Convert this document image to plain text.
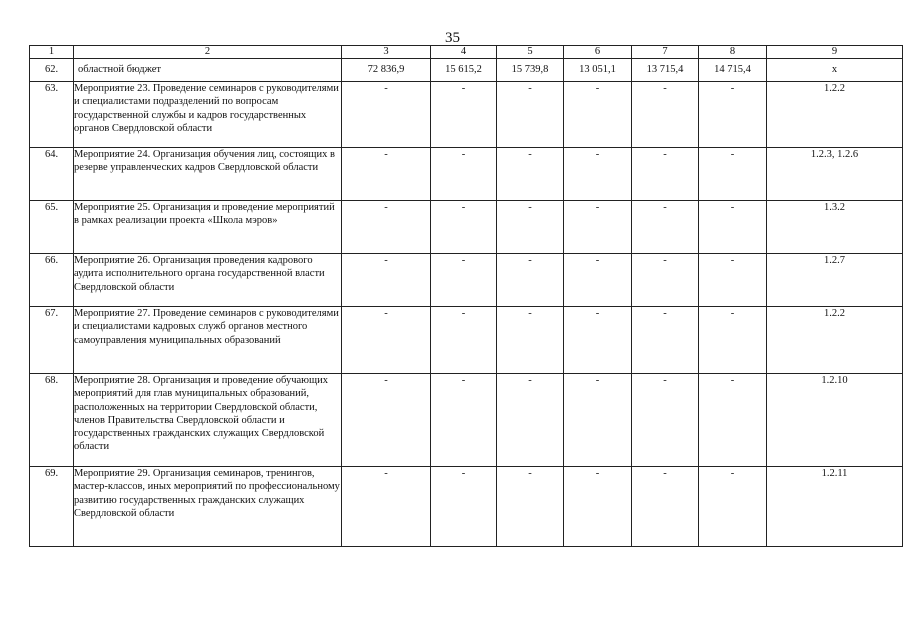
35
1	2	3	4	5	6	7	8	9
62.	областной бюджет	72 836,9	15 615,2	15 739,8	13 051,1	13 715,4	14 715,4	x
63.	Мероприятие 23. Проведение семинаров с руководителями и специалистами подразделений по вопросам государственной службы и кадров государственных органов Свердловской области	-	-	-	-	-	-	1.2.2
64.	Мероприятие 24. Организация обучения лиц, состоящих в резерве управленческих кадров Свердловской области	-	-	-	-	-	-	1.2.3, 1.2.6
65.	Мероприятие 25. Организация и проведение мероприятий в рамках реализации проекта «Школа мэров»	-	-	-	-	-	-	1.3.2
66.	Мероприятие 26. Организация проведения кадрового аудита исполнительного органа государственной власти Свердловской области	-	-	-	-	-	-	1.2.7
67.	Мероприятие 27. Проведение семинаров с руководителями и специалистами кадровых служб органов местного самоуправления муниципальных образований	-	-	-	-	-	-	1.2.2
68.	Мероприятие 28. Организация и проведение обучающих мероприятий для глав муниципальных образований, расположенных на территории Свердловской области, членов Правительства Свердловской области и государственных гражданских служащих Свердловской области	-	-	-	-	-	-	1.2.10
69.	Мероприятие 29. Организация семинаров, тренингов, мастер-классов, иных мероприятий по профессиональному развитию государственных гражданских служащих Свердловской области	-	-	-	-	-	-	1.2.11
